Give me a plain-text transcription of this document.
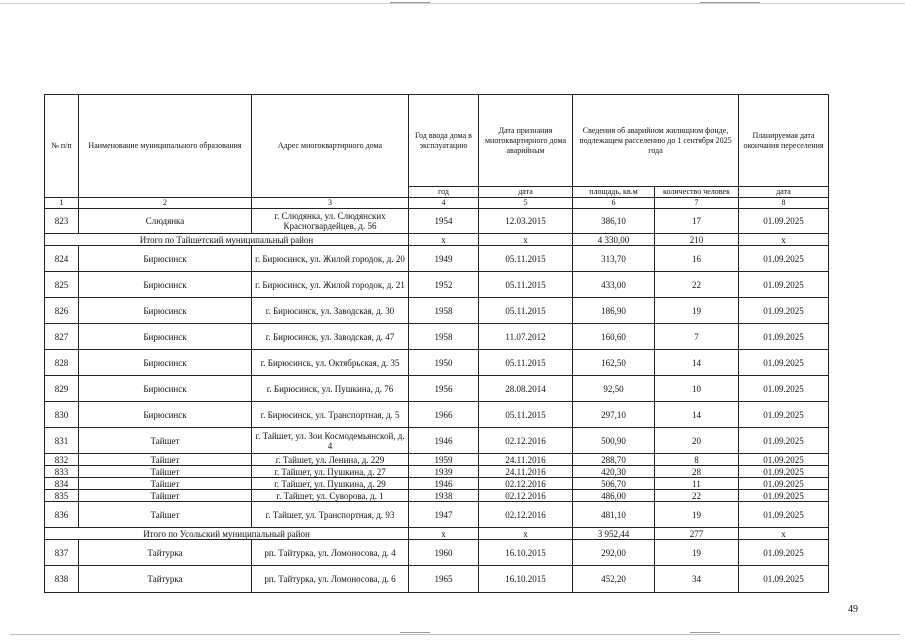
№ п/п	Наименование муниципального образования	Адрес многоквартирного дома	Год ввода дома в эксплуатацию	Дата признания многоквартирного дома аварийным	Сведения об аварийном жилищном фонде, подлежащем расселению до 1 сентября 2025 года		Планируемая дата окончания переселения
			год	дата	площадь, кв.м	количество человек	дата
1	2	3	4	5	6	7	8
823	Слюдянка	г. Слюдянка, ул. Слюдянских Красногвардейцев, д. 56	1954	12.03.2015	386,10	17	01.09.2025
Итого по Тайшетский муниципальный район			х	х	4 330,00	210	х
824	Бирюсинск	г. Бирюсинск, ул. Жилой городок, д. 20	1949	05.11.2015	313,70	16	01.09.2025
825	Бирюсинск	г. Бирюсинск, ул. Жилой городок, д. 21	1952	05.11.2015	433,00	22	01.09.2025
826	Бирюсинск	г. Бирюсинск, ул. Заводская, д. 30	1958	05.11.2015	186,90	19	01.09.2025
827	Бирюсинск	г. Бирюсинск, ул. Заводская, д. 47	1958	11.07.2012	160,60	7	01.09.2025
828	Бирюсинск	г. Бирюсинск, ул. Октябрьская, д. 35	1950	05.11.2015	162,50	14	01.09.2025
829	Бирюсинск	г. Бирюсинск, ул. Пушкина, д. 76	1956	28.08.2014	92,50	10	01.09.2025
830	Бирюсинск	г. Бирюсинск, ул. Транспортная, д. 5	1966	05.11.2015	297,10	14	01.09.2025
831	Тайшет	г. Тайшет, ул. Зои Космодемьянской, д. 4	1946	02.12.2016	500,90	20	01.09.2025
832	Тайшет	г. Тайшет, ул. Ленина, д. 229	1959	24.11.2016	288,70	8	01.09.2025
833	Тайшет	г. Тайшет, ул. Пушкина, д. 27	1939	24.11.2016	420,30	28	01.09.2025
834	Тайшет	г. Тайшет, ул. Пушкина, д. 29	1946	02.12.2016	506,70	11	01.09.2025
835	Тайшет	г. Тайшет, ул. Суворова, д. 1	1938	02.12.2016	486,00	22	01.09.2025
836	Тайшет	г. Тайшет, ул. Транспортная, д. 93	1947	02.12.2016	481,10	19	01.09.2025
Итого по Усольский муниципальный район			х	х	3 952,44	277	х
837	Тайтурка	рп. Тайтурка, ул. Ломоносова, д. 4	1960	16.10.2015	292,00	19	01.09.2025
838	Тайтурка	рп. Тайтурка, ул. Ломоносова, д. 6	1965	16.10.2015	452,20	34	01.09.2025
49
